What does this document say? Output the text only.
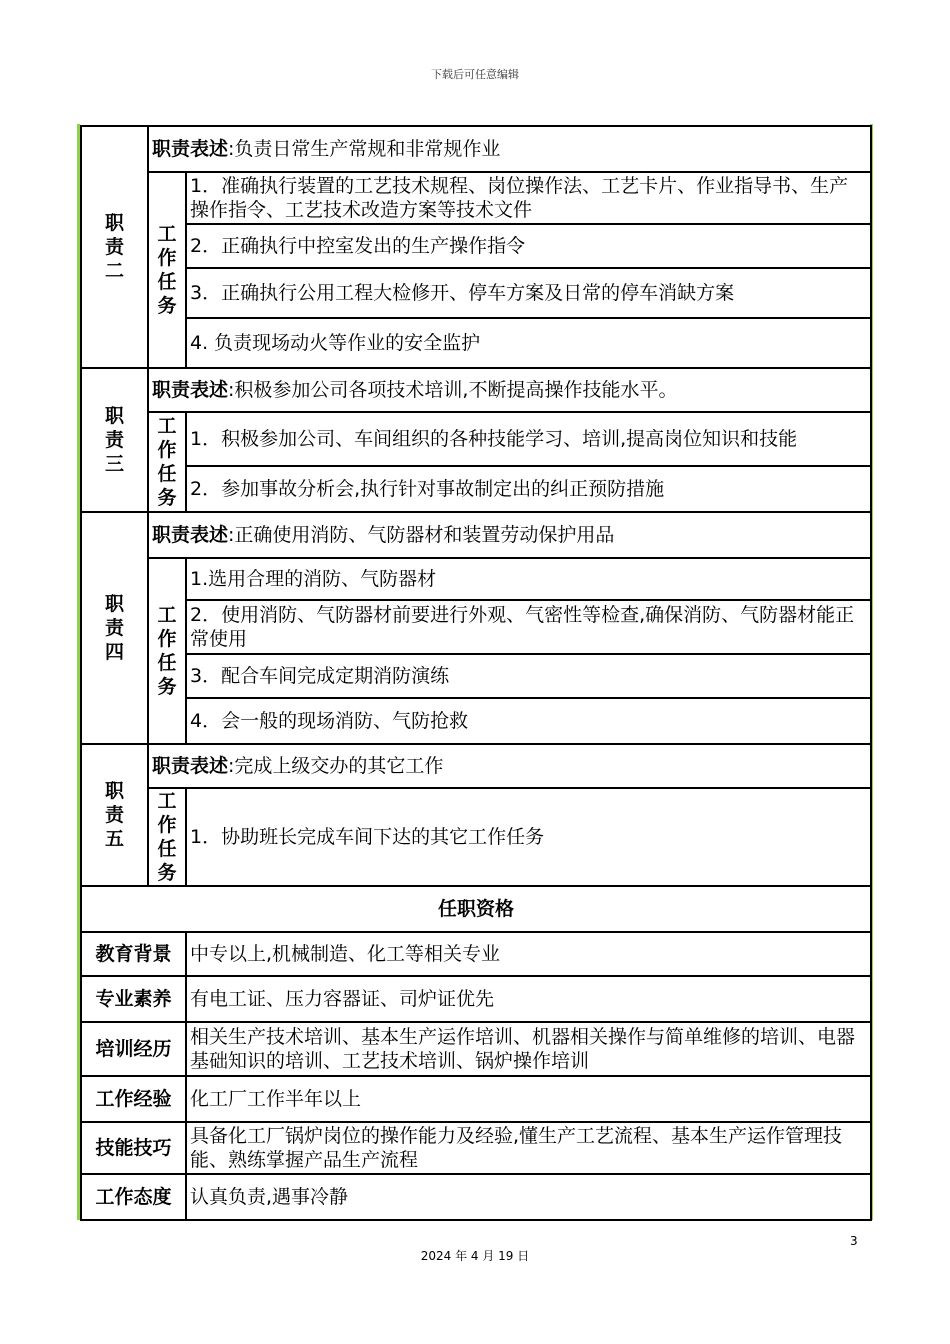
下载后可任意编辑
职责二	职责表述:负责日常生产常规和非常规作业	
	工作任务	1．准确执行装置的工艺技术规程、岗位操作法、工艺卡片、作业指导书、生产操作指令、工艺技术改造方案等技术文件
		2．正确执行中控室发出的生产操作指令
		3．正确执行公用工程大检修开、停车方案及日常的停车消缺方案
		4. 负责现场动火等作业的安全监护
职责三	职责表述:积极参加公司各项技术培训,不断提高操作技能水平。	
	工作任务	1．积极参加公司、车间组织的各种技能学习、培训,提高岗位知识和技能
		2．参加事故分析会,执行针对事故制定出的纠正预防措施
职责四	职责表述:正确使用消防、气防器材和装置劳动保护用品	
	工作任务	1.选用合理的消防、气防器材
		2．使用消防、气防器材前要进行外观、气密性等检查,确保消防、气防器材能正常使用
		3．配合车间完成定期消防演练
		4．会一般的现场消防、气防抢救
职责五	职责表述:完成上级交办的其它工作	
	工作任务	1．协助班长完成车间下达的其它工作任务
任职资格		
教育背景		中专以上,机械制造、化工等相关专业
专业素养		有电工证、压力容器证、司炉证优先
培训经历		相关生产技术培训、基本生产运作培训、机器相关操作与简单维修的培训、电器基础知识的培训、工艺技术培训、锅炉操作培训
工作经验		化工厂工作半年以上
技能技巧		具备化工厂锅炉岗位的操作能力及经验,懂生产工艺流程、基本生产运作管理技能、熟练掌握产品生产流程
工作态度		认真负责,遇事冷静
3
2024 年 4 月 19 日
